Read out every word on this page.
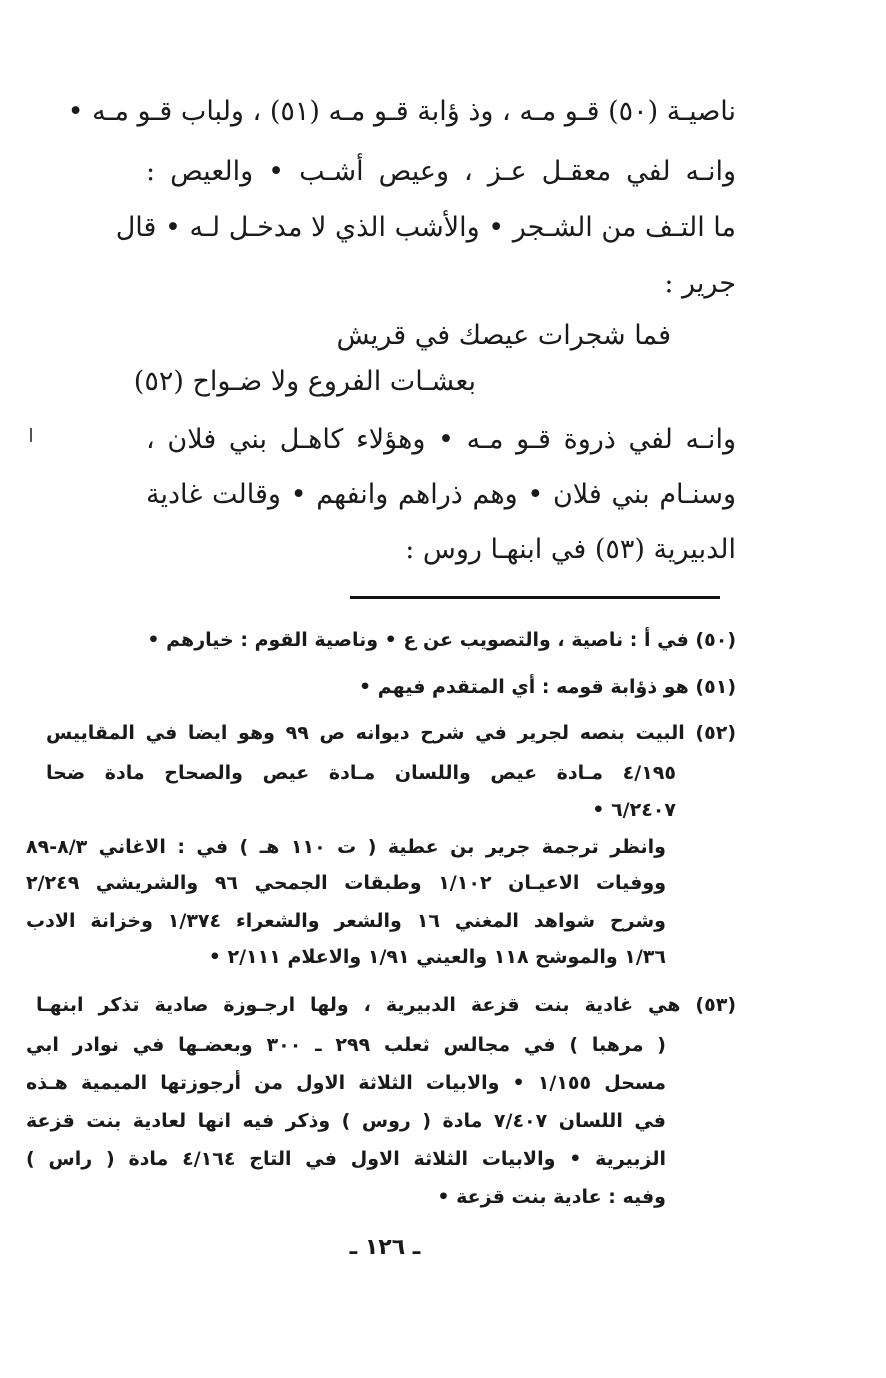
ناصيـة (٥٠) قـو مـه ، وذ ؤابة قـو مـه (٥١) ، ولباب قـو مـه •
وانـه لفي معقـل عـز ، وعيص أشـب • والعيص :
ما التـف من الشـجر • والأشب الذي لا مدخـل لـه • قال
جرير :
فما شجرات عيصك في قريش
بعشـات الفروع ولا ضـواح (٥٢)
وانـه لفي ذروة قـو مـه • وهؤلاء كاهـل بني فلان ،
وسنـام بني فلان • وهم ذراهم وانفهم • وقالت غادية
الدبيرية (٥٣) في ابنهـا روس :
(٥٠) في أ : ناصية ، والتصويب عن ع • وناصية القوم : خيارهم •
(٥١) هو ذؤابة قومه : أي المتقدم فيهم •
(٥٢) البيت بنصه لجرير في شرح ديوانه ص ٩٩ وهو ايضا في المقاييس
٤/١٩٥ مـادة عيص واللسان مـادة عيص والصحاح مادة ضحا
٦/٢٤٠٧ •
وانظر ترجمة جرير بن عطية ( ت ١١٠ هـ ) في : الاغاني ٨/٣-٨٩
ووفيات الاعيـان ١/١٠٢ وطبقات الجمحي ٩٦ والشريشي ٢/٢٤٩
وشرح شواهد المغني ١٦ والشعر والشعراء ١/٣٧٤ وخزانة الادب
١/٣٦ والموشح ١١٨ والعيني ١/٩١ والاعلام ٢/١١١ •
(٥٣) هي غادية بنت قزعة الدبيرية ، ولها ارجـوزة صادية تذكر ابنهـا
( مرهبا ) في مجالس ثعلب ٢٩٩ ـ ٣٠٠ وبعضـها في نوادر ابي
مسحل ١/١٥٥ • والابيات الثلاثة الاول من أرجوزتها الميمية هـذه
في اللسان ٧/٤٠٧ مادة ( روس ) وذكر فيه انها لعادية بنت قزعة
الزبيرية • والابيات الثلاثة الاول في التاج ٤/١٦٤ مادة ( راس )
وفيه : عادية بنت قزعة •
ـ ١٢٦ ـ
